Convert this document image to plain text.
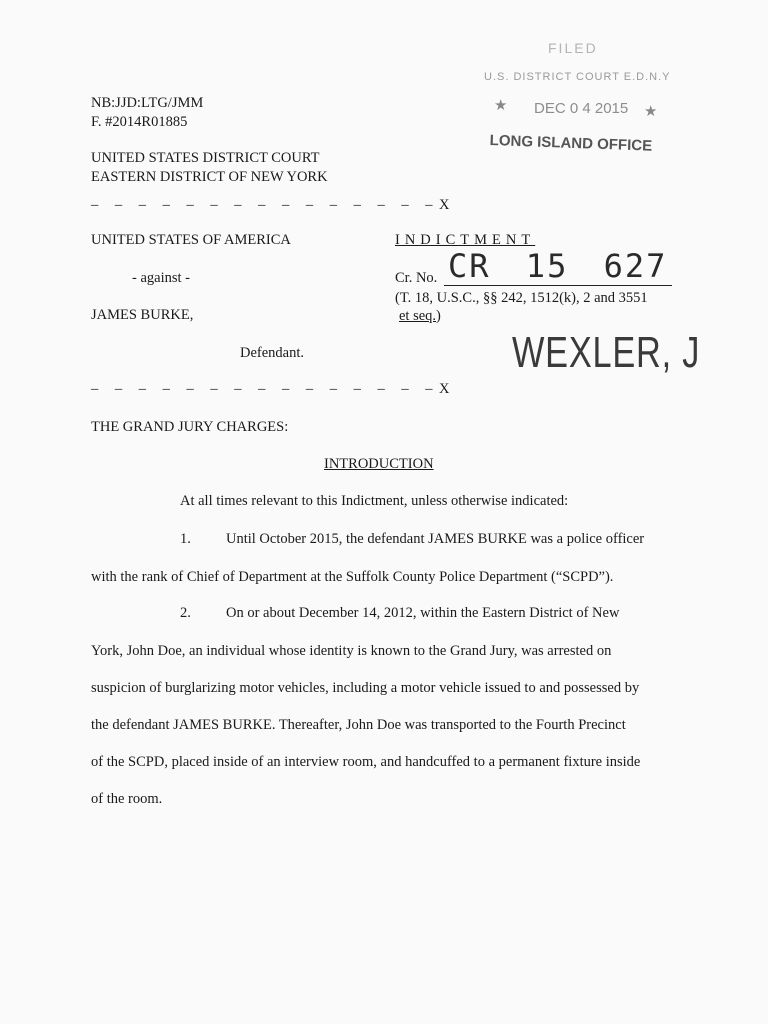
FILED
U.S. DISTRICT COURT E.D.N.Y
★ DEC 0 4 2015 ★
LONG ISLAND OFFICE
NB:JJD:LTG/JMM
F. #2014R01885
UNITED STATES DISTRICT COURT
EASTERN DISTRICT OF NEW YORK
– – – – – – – – – – – – – – –X
UNITED STATES OF AMERICA
- against -
JAMES BURKE,
Defendant.
INDICTMENT
Cr. No. CR 15 627
(T. 18, U.S.C., §§ 242, 1512(k), 2 and 3551
et seq.)
WEXLER, J
– – – – – – – – – – – – – – –X
THE GRAND JURY CHARGES:
INTRODUCTION
At all times relevant to this Indictment, unless otherwise indicated:
1. Until October 2015, the defendant JAMES BURKE was a police officer
with the rank of Chief of Department at the Suffolk County Police Department (“SCPD”).
2. On or about December 14, 2012, within the Eastern District of New
York, John Doe, an individual whose identity is known to the Grand Jury, was arrested on
suspicion of burglarizing motor vehicles, including a motor vehicle issued to and possessed by
the defendant JAMES BURKE. Thereafter, John Doe was transported to the Fourth Precinct
of the SCPD, placed inside of an interview room, and handcuffed to a permanent fixture inside
of the room.
